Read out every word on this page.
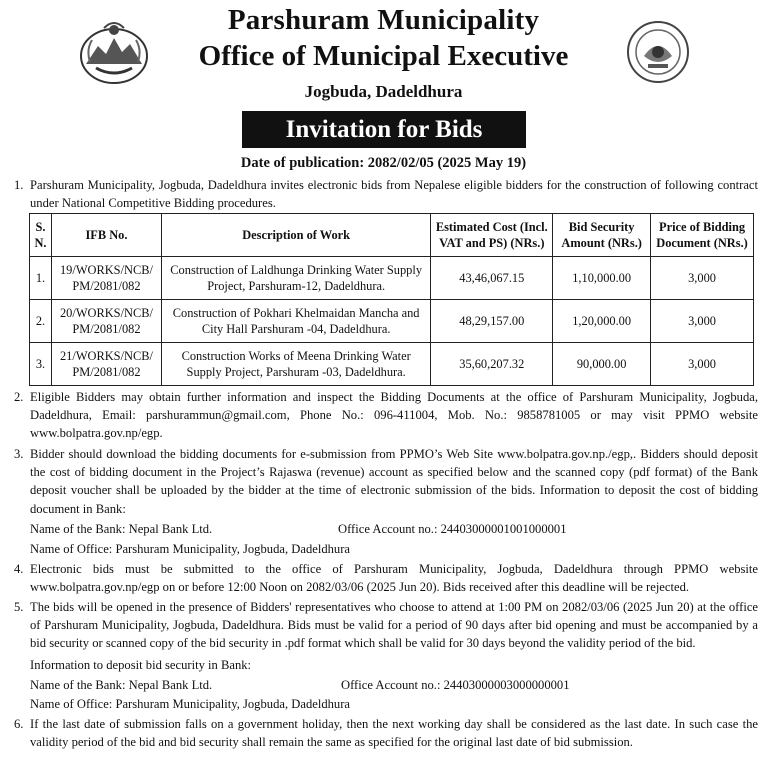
Parshuram Municipality
Office of Municipal Executive
Jogbuda, Dadeldhura
Invitation for Bids
Date of publication: 2082/02/05 (2025 May 19)
1. Parshuram Municipality, Jogbuda, Dadeldhura invites electronic bids from Nepalese eligible bidders for the construction of following contract under National Competitive Bidding procedures.
S. N.	IFB No.	Description of Work	Estimated Cost (Incl. VAT and PS) (NRs.)	Bid Security Amount (NRs.)	Price of Bidding Document (NRs.)
1.	19/WORKS/NCB/ PM/2081/082	Construction of Laldhunga Drinking Water Supply Project, Parshuram-12, Dadeldhura.	43,46,067.15	1,10,000.00	3,000
2.	20/WORKS/NCB/ PM/2081/082	Construction of Pokhari Khelmaidan Mancha and City Hall Parshuram -04, Dadeldhura.	48,29,157.00	1,20,000.00	3,000
3.	21/WORKS/NCB/ PM/2081/082	Construction Works of Meena Drinking Water Supply Project, Parshuram -03, Dadeldhura.	35,60,207.32	90,000.00	3,000
2. Eligible Bidders may obtain further information and inspect the Bidding Documents at the office of Parshuram Municipality, Jogbuda, Dadeldhura, Email: parshurammun@gmail.com, Phone No.: 096-411004, Mob. No.: 9858781005 or may visit PPMO website www.bolpatra.gov.np/egp.
3. Bidder should download the bidding documents for e-submission from PPMO’s Web Site www.bolpatra.gov.np./egp,. Bidders should deposit the cost of bidding document in the Project’s Rajaswa (revenue) account as specified below and the scanned copy (pdf format) of the Bank deposit voucher shall be uploaded by the bidder at the time of electronic submission of the bids. Information to deposit the cost of bidding document in Bank:
Name of the Bank: Nepal Bank Ltd.	Office Account no.: 24403000001001000001
Name of Office: Parshuram Municipality, Jogbuda, Dadeldhura
4. Electronic bids must be submitted to the office of Parshuram Municipality, Jogbuda, Dadeldhura through PPMO website www.bolpatra.gov.np/egp on or before 12:00 Noon on 2082/03/06 (2025 Jun 20). Bids received after this deadline will be rejected.
5. The bids will be opened in the presence of Bidders' representatives who choose to attend at 1:00 PM on 2082/03/06 (2025 Jun 20) at the office of Parshuram Municipality, Jogbuda, Dadeldhura. Bids must be valid for a period of 90 days after bid opening and must be accompanied by a bid security or scanned copy of the bid security in .pdf format which shall be valid for 30 days beyond the validity period of the bid.
Information to deposit bid security in Bank:
Name of the Bank: Nepal Bank Ltd.	Office Account no.: 24403000003000000001
Name of Office: Parshuram Municipality, Jogbuda, Dadeldhura
6. If the last date of submission falls on a government holiday, then the next working day shall be considered as the last date. In such case the validity period of the bid and bid security shall remain the same as specified for the original last date of bid submission.
